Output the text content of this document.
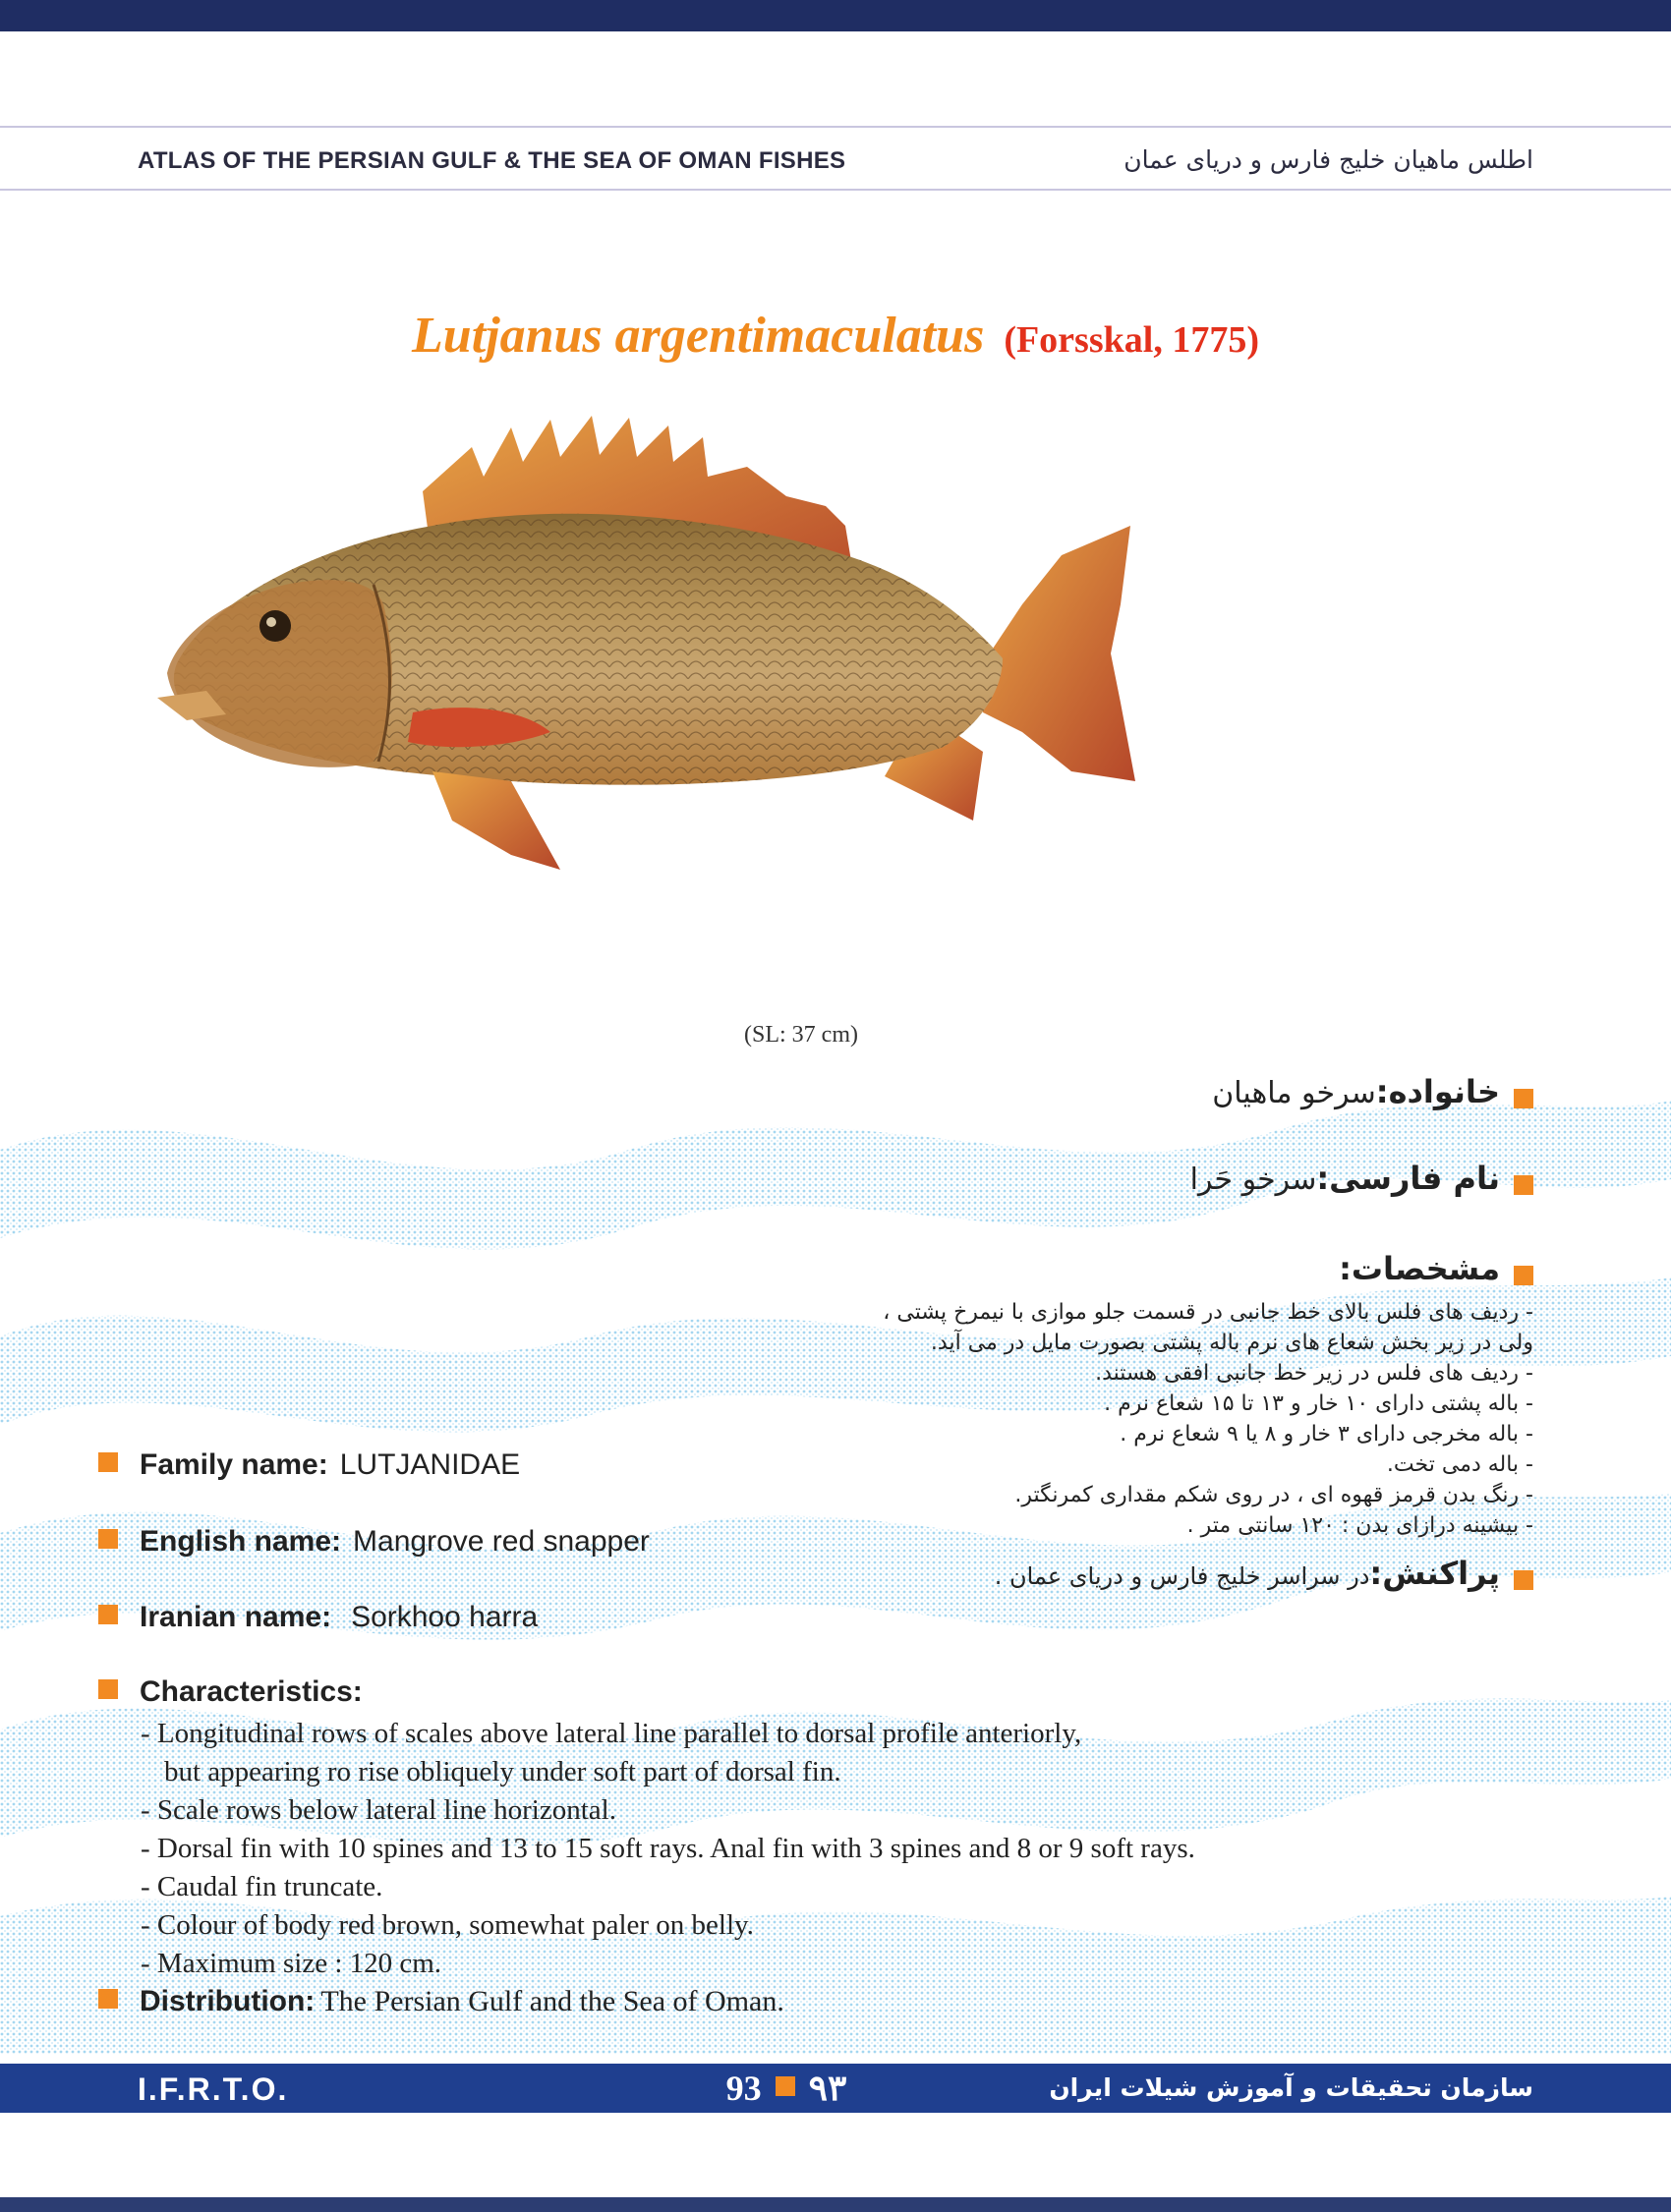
ATLAS OF THE PERSIAN GULF & THE SEA OF OMAN FISHES	اطلس ماهیان خلیج فارس و دریای عمان
Lutjanus argentimaculatus (Forsskal, 1775)
(SL: 37 cm)
خانواده:سرخو ماهیان
نام فارسی:سرخو حَرا
مشخصات:
- ردیف های فلس بالای خط جانبی در قسمت جلو موازی با نیمرخ پشتی ،
ولی در زیر بخش شعاع های نرم باله پشتی بصورت مایل در می آید.
- ردیف های فلس در زیر خط جانبی افقی هستند.
- باله پشتی دارای ۱۰ خار و ۱۳ تا ۱۵ شعاع نرم .
- باله مخرجی دارای ۳ خار و ۸ یا ۹ شعاع نرم .
- باله دمی تخت.
- رنگ بدن قرمز قهوه ای ، در روی شکم مقداری کمرنگتر.
- بیشینه درازای بدن : ۱۲۰ سانتی متر .
پراکنش:در سراسر خلیج فارس و دریای عمان .
Family name: LUTJANIDAE
English name: Mangrove red snapper
Iranian name: Sorkhoo harra
Characteristics:
- Longitudinal rows of scales above lateral line parallel to dorsal profile anteriorly,
but appearing ro rise obliquely under soft part of dorsal fin.
- Scale rows below lateral line horizontal.
- Dorsal fin with 10 spines and 13 to 15 soft rays. Anal fin with 3 spines and 8 or 9 soft rays.
- Caudal fin truncate.
- Colour of body red brown, somewhat paler on belly.
- Maximum size : 120 cm.
Distribution: The Persian Gulf and the Sea of Oman.
I.F.R.T.O.	93 ۹۳	سازمان تحقیقات و آموزش شیلات ایران
